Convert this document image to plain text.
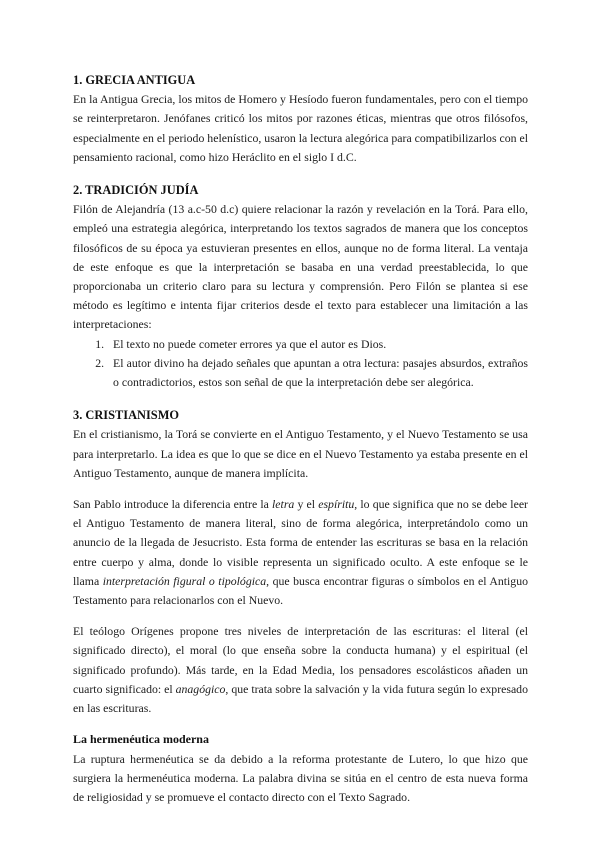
1. GRECIA ANTIGUA

En la Antigua Grecia, los mitos de Homero y Hesíodo fueron fundamentales, pero con el tiempo se reinterpretaron. Jenófanes criticó los mitos por razones éticas, mientras que otros filósofos, especialmente en el periodo helenístico, usaron la lectura alegórica para compatibilizarlos con el pensamiento racional, como hizo Heráclito en el siglo I d.C.

2. TRADICIÓN JUDÍA

Filón de Alejandría (13 a.c-50 d.c) quiere relacionar la razón y revelación en la Torá. Para ello, empleó una estrategia alegórica, interpretando los textos sagrados de manera que los conceptos filosóficos de su época ya estuvieran presentes en ellos, aunque no de forma literal. La ventaja de este enfoque es que la interpretación se basaba en una verdad preestablecida, lo que proporcionaba un criterio claro para su lectura y comprensión. Pero Filón se plantea si ese método es legítimo e intenta fijar criterios desde el texto para establecer una limitación a las interpretaciones:

1. El texto no puede cometer errores ya que el autor es Dios.
2. El autor divino ha dejado señales que apuntan a otra lectura: pasajes absurdos, extraños o contradictorios, estos son señal de que la interpretación debe ser alegórica.
3. CRISTIANISMO

En el cristianismo, la Torá se convierte en el Antiguo Testamento, y el Nuevo Testamento se usa para interpretarlo. La idea es que lo que se dice en el Nuevo Testamento ya estaba presente en el Antiguo Testamento, aunque de manera implícita.

San Pablo introduce la diferencia entre la letra y el espíritu, lo que significa que no se debe leer el Antiguo Testamento de manera literal, sino de forma alegórica, interpretándolo como un anuncio de la llegada de Jesucristo. Esta forma de entender las escrituras se basa en la relación entre cuerpo y alma, donde lo visible representa un significado oculto. A este enfoque se le llama interpretación figural o tipológica, que busca encontrar figuras o símbolos en el Antiguo Testamento para relacionarlos con el Nuevo.

El teólogo Orígenes propone tres niveles de interpretación de las escrituras: el literal (el significado directo), el moral (lo que enseña sobre la conducta humana) y el espiritual (el significado profundo). Más tarde, en la Edad Media, los pensadores escolásticos añaden un cuarto significado: el anagógico, que trata sobre la salvación y la vida futura según lo expresado en las escrituras.

La hermenéutica moderna

La ruptura hermenéutica se da debido a la reforma protestante de Lutero, lo que hizo que surgiera la hermenéutica moderna. La palabra divina se sitúa en el centro de esta nueva forma de religiosidad y se promueve el contacto directo con el Texto Sagrado.
